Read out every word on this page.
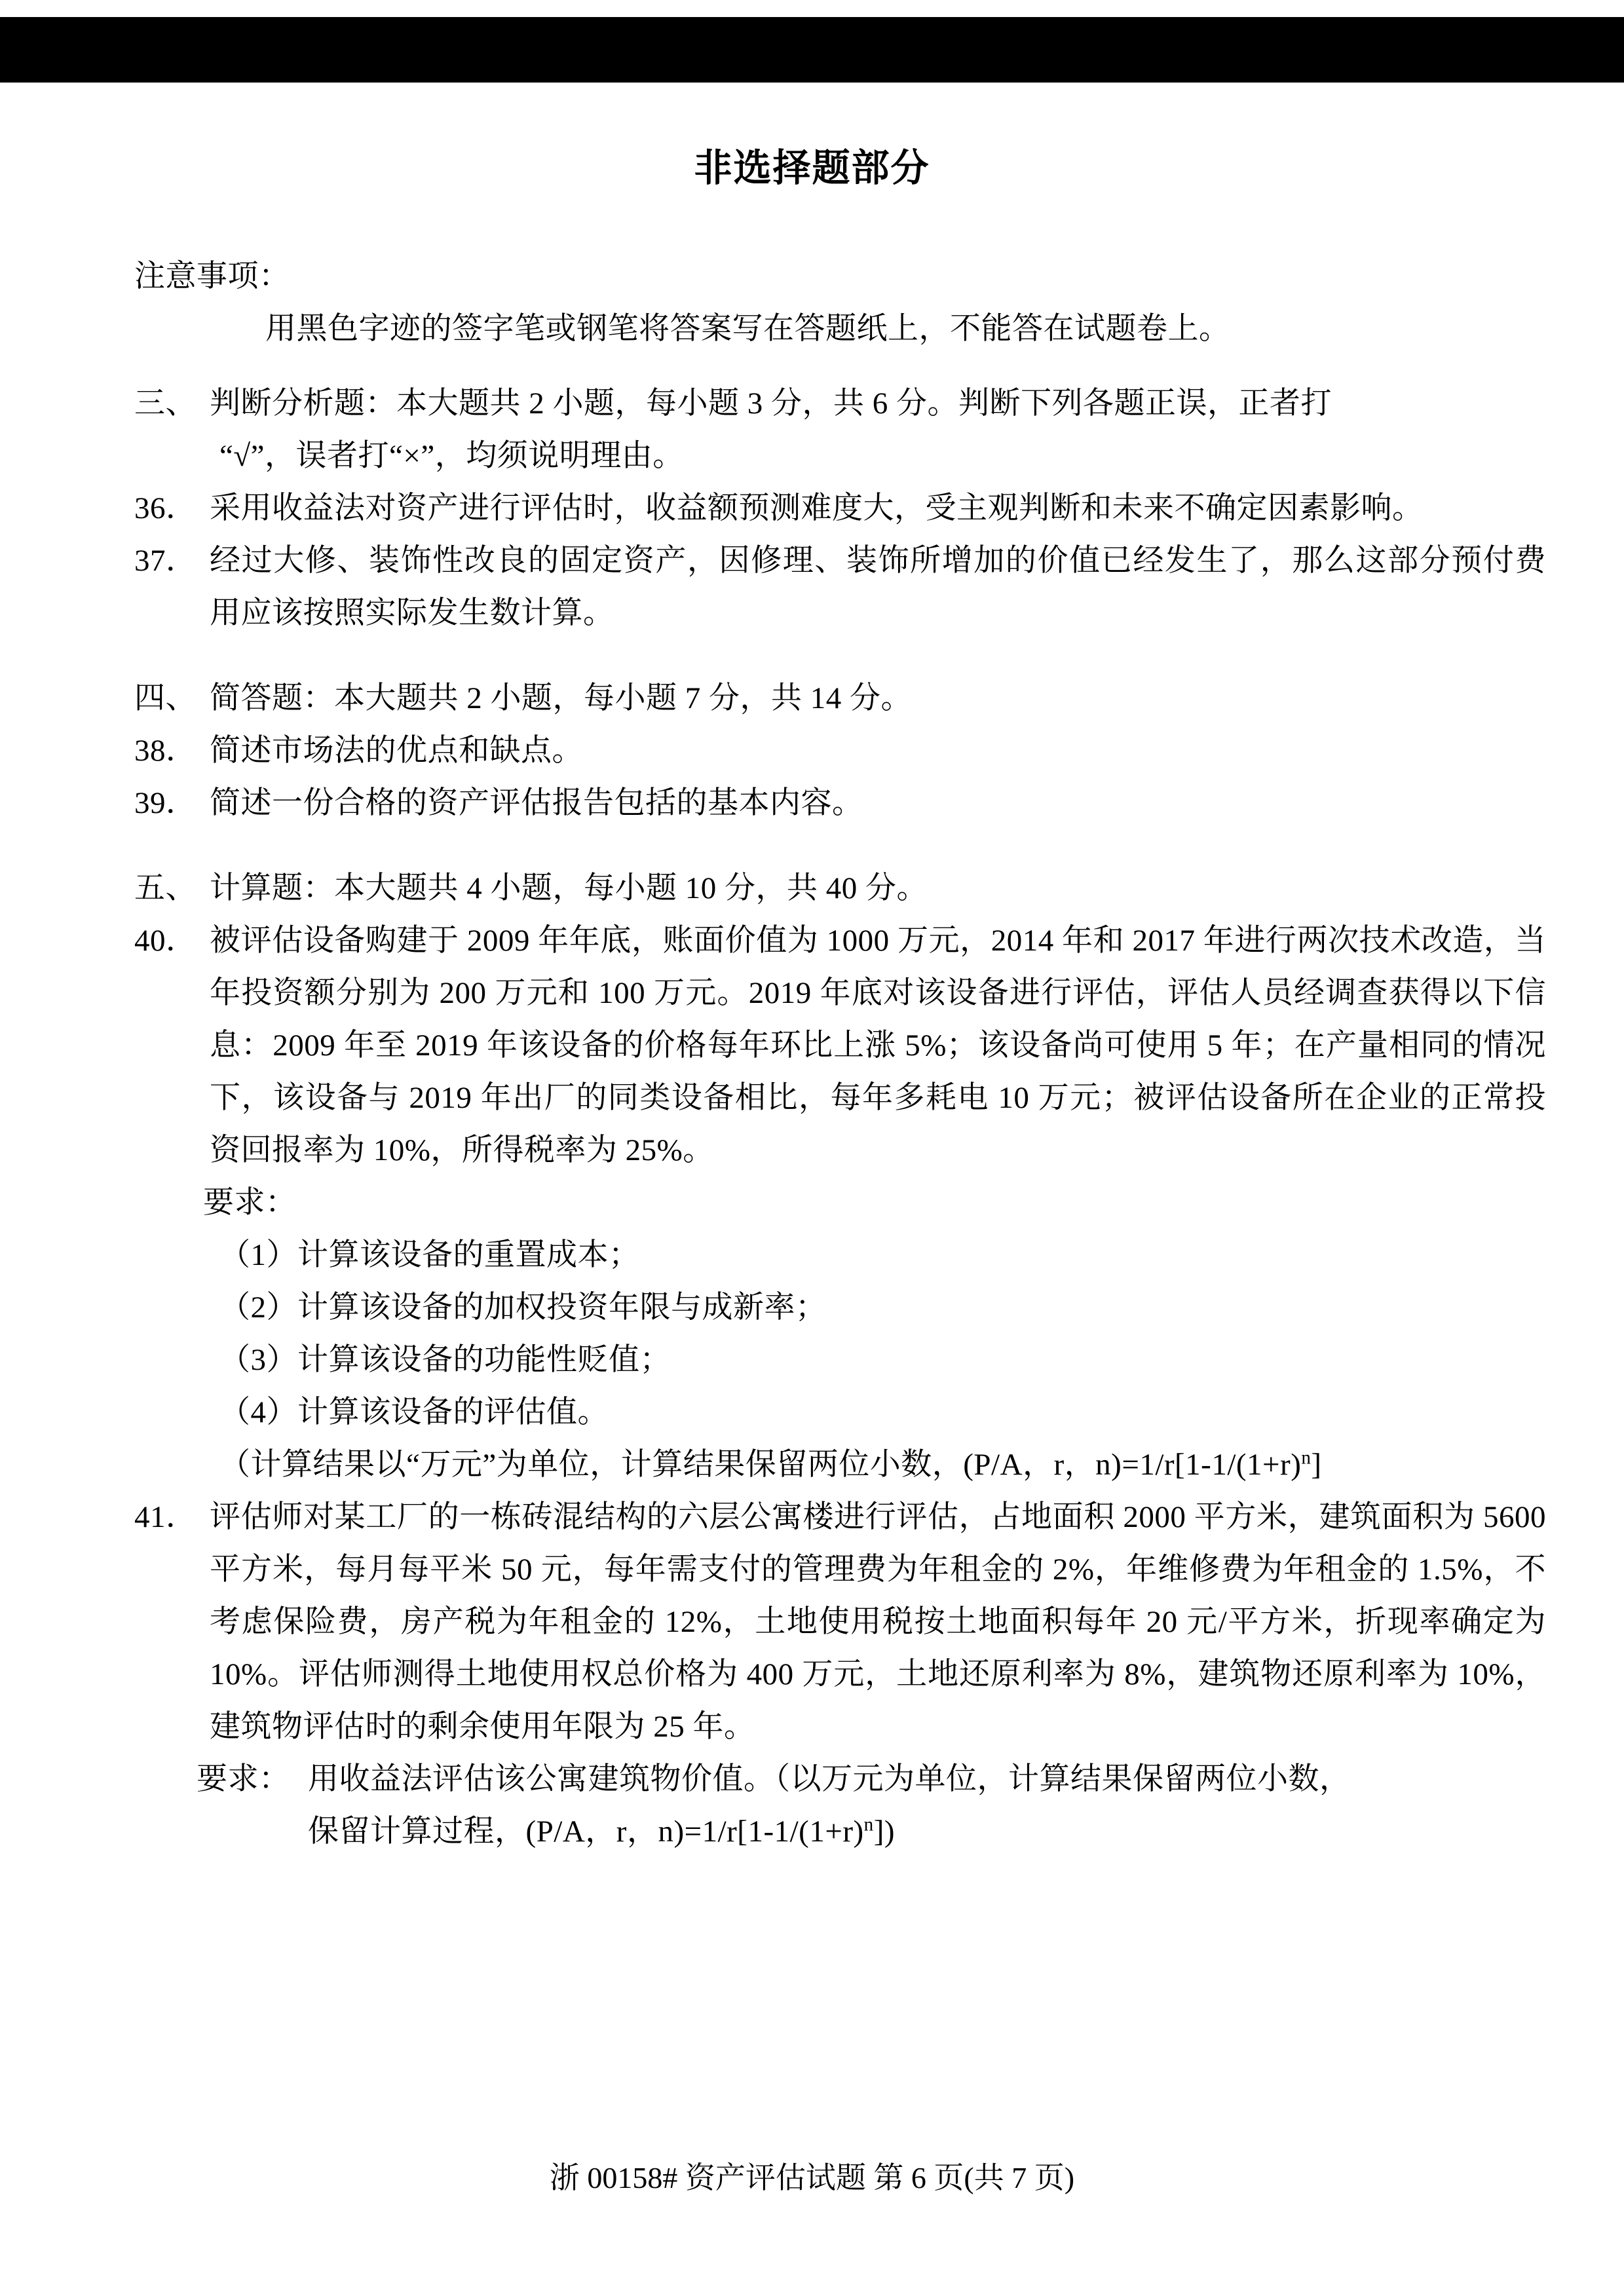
非选择题部分
注意事项：
用黑色字迹的签字笔或钢笔将答案写在答题纸上，不能答在试题卷上。
三、 判断分析题：本大题共 2 小题，每小题 3 分，共 6 分。判断下列各题正误，正者打
“√”，误者打“×”，均须说明理由。
36． 采用收益法对资产进行评估时，收益额预测难度大，受主观判断和未来不确定因素影响。
37． 经过大修、装饰性改良的固定资产，因修理、装饰所增加的价值已经发生了，那么这部分预付费用应该按照实际发生数计算。
四、 简答题：本大题共 2 小题，每小题 7 分，共 14 分。
38． 简述市场法的优点和缺点。
39． 简述一份合格的资产评估报告包括的基本内容。
五、 计算题：本大题共 4 小题，每小题 10 分，共 40 分。
40． 被评估设备购建于 2009 年年底，账面价值为 1000 万元，2014 年和 2017 年进行两次技术改造，当年投资额分别为 200 万元和 100 万元。2019 年底对该设备进行评估，评估人员经调查获得以下信息：2009 年至 2019 年该设备的价格每年环比上涨 5%；该设备尚可使用 5 年；在产量相同的情况下，该设备与 2019 年出厂的同类设备相比，每年多耗电 10 万元；被评估设备所在企业的正常投资回报率为 10%，所得税率为 25%。
要求：
（1）计算该设备的重置成本；
（2）计算该设备的加权投资年限与成新率；
（3）计算该设备的功能性贬值；
（4）计算该设备的评估值。
（计算结果以“万元”为单位，计算结果保留两位小数，(P/A，r，$n)=1/r[1-1/(1+r)^n]$
41． 评估师对某工厂的一栋砖混结构的六层公寓楼进行评估，占地面积 2000 平方米，建筑面积为 5600 平方米，每月每平米 50 元，每年需支付的管理费为年租金的 2%，年维修费为年租金的 1.5%，不考虑保险费，房产税为年租金的 12%，土地使用税按土地面积每年 20 元/平方米，折现率确定为 10%。评估师测得土地使用权总价格为 400 万元，土地还原利率为 8%，建筑物还原利率为 10%，建筑物评估时的剩余使用年限为 25 年。
要求： 用收益法评估该公寓建筑物价值。（以万元为单位，计算结果保留两位小数，
保留计算过程，(P/A，r，$n)=1/r[1-1/(1+r)^n]$)
浙 00158# 资产评估试题 第 6 页(共 7 页)
